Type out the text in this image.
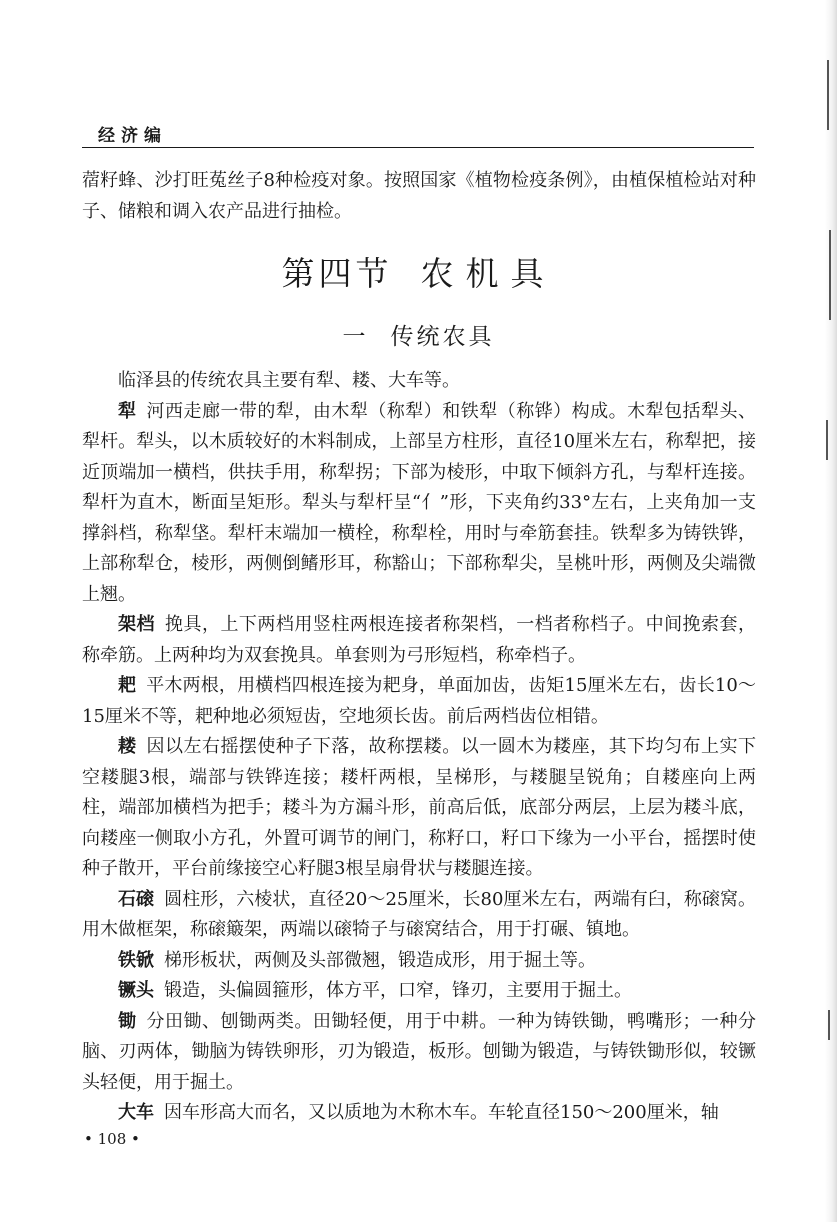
经济编

蓿籽蜂、沙打旺菟丝子8种检疫对象。按照国家《植物检疫条例》，由植保植检站对种子、储粮和调入农产品进行抽检。

第四节 农机具
一 传统农具

临泽县的传统农具主要有犁、耧、大车等。

犁 河西走廊一带的犁，由木犁（称犁）和铁犁（称铧）构成。木犁包括犁头、犁杆。犁头，以木质较好的木料制成，上部呈方柱形，直径10厘米左右，称犁把，接近顶端加一横档，供扶手用，称犁拐；下部为棱形，中取下倾斜方孔，与犁杆连接。犁杆为直木，断面呈矩形。犁头与犁杆呈“亻”形，下夹角约33°左右，上夹角加一支撑斜档，称犁垡。犁杆末端加一横栓，称犁栓，用时与牵筋套挂。铁犁多为铸铁铧，上部称犁仓，棱形，两侧倒鳍形耳，称豁山；下部称犁尖，呈桃叶形，两侧及尖端微上翘。

架档 挽具，上下两档用竖柱两根连接者称架档，一档者称档子。中间挽索套，称牵筋。上两种均为双套挽具。单套则为弓形短档，称牵档子。

耙 平木两根，用横档四根连接为耙身，单面加齿，齿矩15厘米左右，齿长10～15厘米不等，耙种地必须短齿，空地须长齿。前后两档齿位相错。

耧 因以左右摇摆使种子下落，故称摆耧。以一圆木为耧座，其下均匀布上实下空耧腿3根，端部与铁铧连接；耧杆两根，呈梯形，与耧腿呈锐角；自耧座向上两柱，端部加横档为把手；耧斗为方漏斗形，前高后低，底部分两层，上层为耧斗底，向耧座一侧取小方孔，外置可调节的闸门，称籽口，籽口下缘为一小平台，摇摆时使种子散开，平台前缘接空心籽腿3根呈扇骨状与耧腿连接。

石磙 圆柱形，六棱状，直径20～25厘米，长80厘米左右，两端有臼，称磙窝。用木做框架，称磙簸架，两端以磙犄子与磙窝结合，用于打碾、镇地。

铁锨 梯形板状，两侧及头部微翘，锻造成形，用于掘土等。

镢头 锻造，头偏圆箍形，体方平，口窄，锋刃，主要用于掘土。

锄 分田锄、刨锄两类。田锄轻便，用于中耕。一种为铸铁锄，鸭嘴形；一种分脑、刃两体，锄脑为铸铁卵形，刃为锻造，板形。刨锄为锻造，与铸铁锄形似，较镢头轻便，用于掘土。

大车 因车形高大而名，又以质地为木称木车。车轮直径150～200厘米，轴

• 108 •
